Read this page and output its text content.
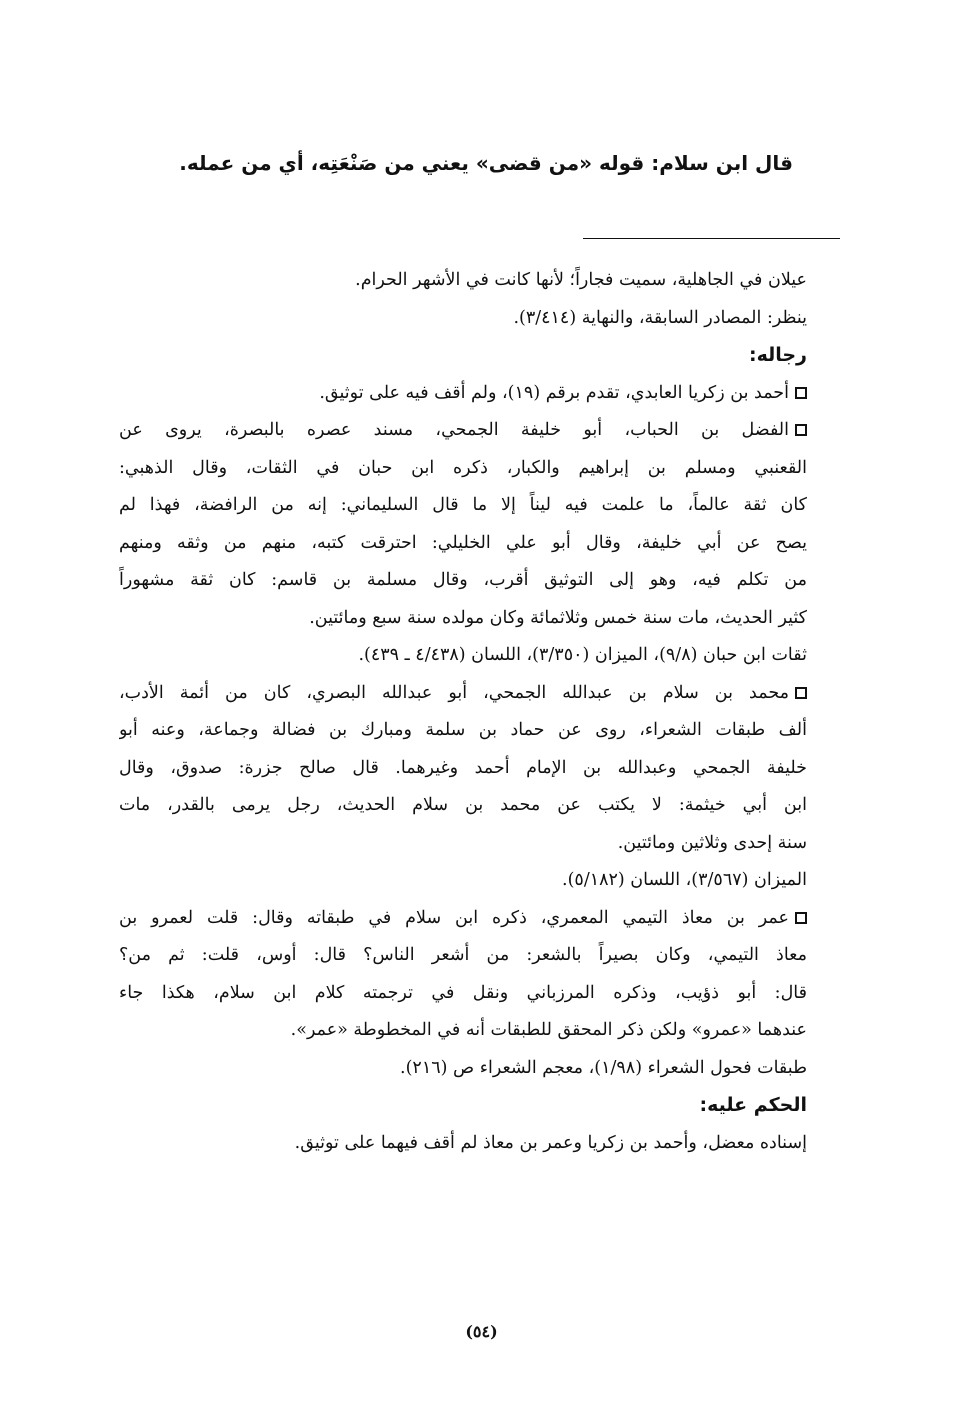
قال ابن سلام: قوله «من قضى» يعني من صَنْعَتِه، أي من عمله.
عيلان في الجاهلية، سميت فجاراً؛ لأنها كانت في الأشهر الحرام.
ينظر: المصادر السابقة، والنهاية (٣/٤١٤).
رجاله:
أحمد بن زكريا العابدي، تقدم برقم (١٩)، ولم أقف فيه على توثيق.
الفضل بن الحباب، أبو خليفة الجمحي، مسند عصره بالبصرة، يروى عن
القعنبي ومسلم بن إبراهيم والكبار، ذكره ابن حبان في الثقات، وقال الذهبي:
كان ثقة عالماً، ما علمت فيه ليناً إلا ما قال السليماني: إنه من الرافضة، فهذا لم
يصح عن أبي خليفة، وقال أبو علي الخليلي: احترقت كتبه، منهم من وثقه ومنهم
من تكلم فيه، وهو إلى التوثيق أقرب، وقال مسلمة بن قاسم: كان ثقة مشهوراً
كثير الحديث، مات سنة خمس وثلاثمائة وكان مولده سنة سبع ومائتين.
ثقات ابن حبان (٩/٨)، الميزان (٣/٣٥٠)، اللسان (٤/٤٣٨ ـ ٤٣٩).
محمد بن سلام بن عبدالله الجمحي، أبو عبدالله البصري، كان من أئمة الأدب،
ألف طبقات الشعراء، روى عن حماد بن سلمة ومبارك بن فضالة وجماعة، وعنه أبو
خليفة الجمحي وعبدالله بن الإمام أحمد وغيرهما. قال صالح جزرة: صدوق، وقال
ابن أبي خيثمة: لا يكتب عن محمد بن سلام الحديث، رجل يرمى بالقدر، مات
سنة إحدى وثلاثين ومائتين.
الميزان (٣/٥٦٧)، اللسان (٥/١٨٢).
عمر بن معاذ التيمي المعمري، ذكره ابن سلام في طبقاته وقال: قلت لعمرو بن
معاذ التيمي، وكان بصيراً بالشعر: من أشعر الناس؟ قال: أوس، قلت: ثم من؟
قال: أبو ذؤيب، وذكره المرزباني ونقل في ترجمته كلام ابن سلام، هكذا جاء
عندهما «عمرو» ولكن ذكر المحقق للطبقات أنه في المخطوطة «عمر».
طبقات فحول الشعراء (١/٩٨)، معجم الشعراء ص (٢١٦).
الحكم عليه:
إسناده معضل، وأحمد بن زكريا وعمر بن معاذ لم أقف فيهما على توثيق.
(٥٤)
